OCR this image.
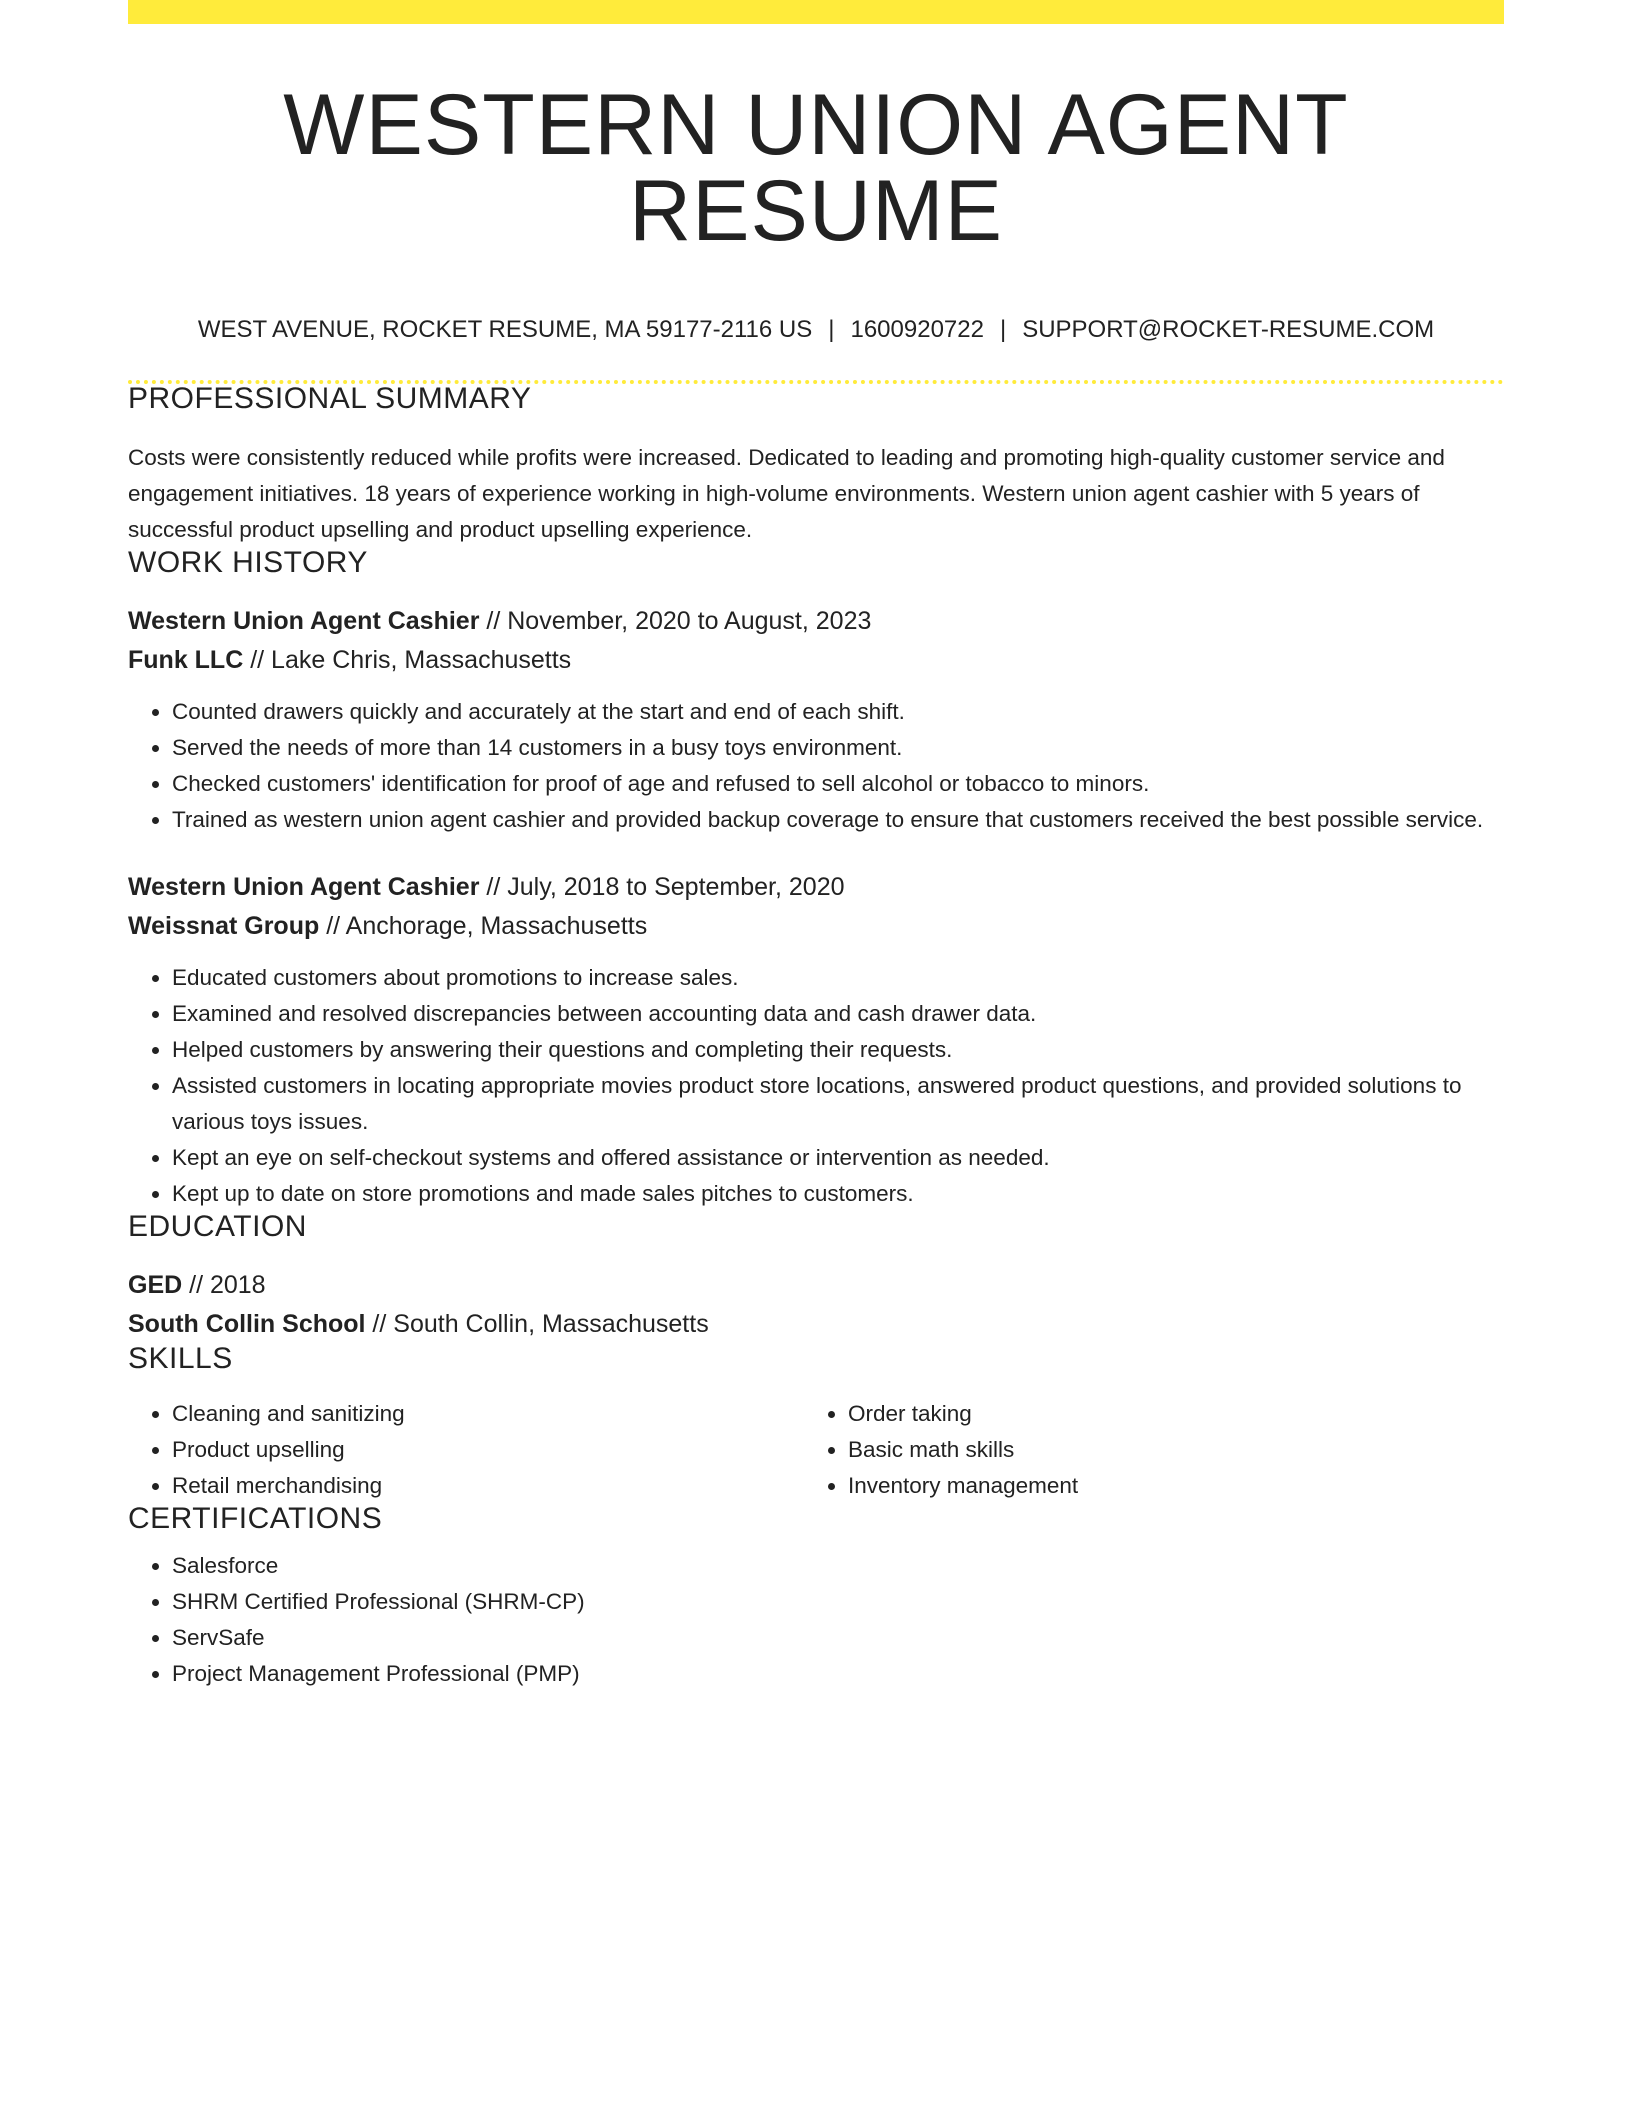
WESTERN UNION AGENT RESUME
WEST AVENUE, ROCKET RESUME, MA 59177-2116 US | 1600920722 | SUPPORT@ROCKET-RESUME.COM
PROFESSIONAL SUMMARY

Costs were consistently reduced while profits were increased. Dedicated to leading and promoting high-quality customer service and engagement initiatives. 18 years of experience working in high-volume environments. Western union agent cashier with 5 years of successful product upselling and product upselling experience.

WORK HISTORY
Western Union Agent Cashier // November, 2020 to August, 2023
Funk LLC // Lake Chris, Massachusetts
• Counted drawers quickly and accurately at the start and end of each shift.
• Served the needs of more than 14 customers in a busy toys environment.
• Checked customers' identification for proof of age and refused to sell alcohol or tobacco to minors.
• Trained as western union agent cashier and provided backup coverage to ensure that customers received the best possible service.
Western Union Agent Cashier // July, 2018 to September, 2020
Weissnat Group // Anchorage, Massachusetts
• Educated customers about promotions to increase sales.
• Examined and resolved discrepancies between accounting data and cash drawer data.
• Helped customers by answering their questions and completing their requests.
• Assisted customers in locating appropriate movies product store locations, answered product questions, and provided solutions to various toys issues.
• Kept an eye on self-checkout systems and offered assistance or intervention as needed.
• Kept up to date on store promotions and made sales pitches to customers.
EDUCATION
GED // 2018
South Collin School // South Collin, Massachusetts
SKILLS
• Cleaning and sanitizing
• Product upselling
• Retail merchandising
• Order taking
• Basic math skills
• Inventory management
CERTIFICATIONS
• Salesforce
• SHRM Certified Professional (SHRM-CP)
• ServSafe
• Project Management Professional (PMP)
